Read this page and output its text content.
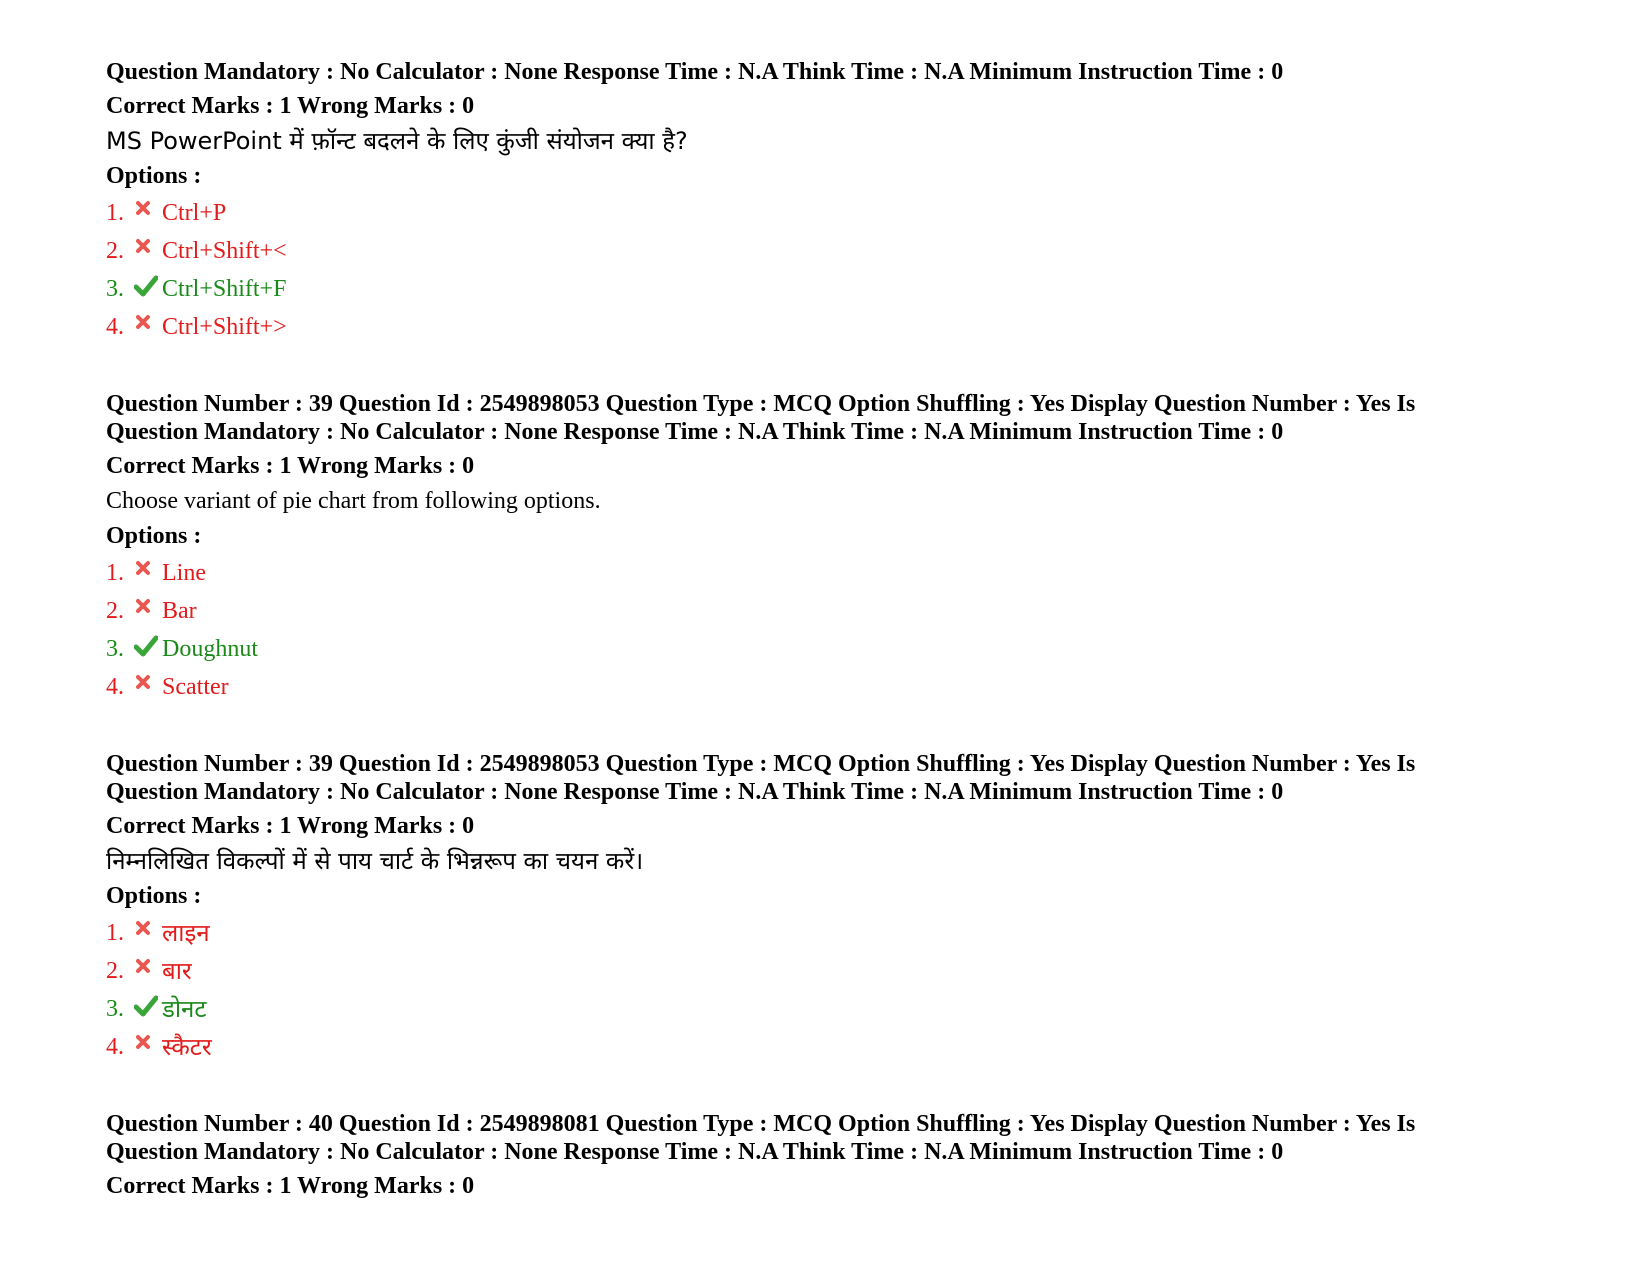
Question Mandatory : No Calculator : None Response Time : N.A Think Time : N.A Minimum Instruction Time : 0

Correct Marks : 1 Wrong Marks : 0

MS PowerPoint में फ़ॉन्ट बदलने के लिए कुंजी संयोजन क्या है?

Options :

1.	Ctrl+P
2.	Ctrl+Shift+<
3.	Ctrl+Shift+F
4.	Ctrl+Shift+>

Question Number : 39 Question Id : 2549898053 Question Type : MCQ Option Shuffling : Yes Display Question Number : Yes Is

Question Mandatory : No Calculator : None Response Time : N.A Think Time : N.A Minimum Instruction Time : 0

Correct Marks : 1 Wrong Marks : 0

Choose variant of pie chart from following options.

Options :

1.	Line
2.	Bar
3.	Doughnut
4.	Scatter

Question Number : 39 Question Id : 2549898053 Question Type : MCQ Option Shuffling : Yes Display Question Number : Yes Is

Question Mandatory : No Calculator : None Response Time : N.A Think Time : N.A Minimum Instruction Time : 0

Correct Marks : 1 Wrong Marks : 0

निम्नलिखित विकल्पों में से पाय चार्ट के भिन्नरूप का चयन करें।

Options :

1.	लाइन
2.	बार
3.	डोनट
4.	स्कैटर

Question Number : 40 Question Id : 2549898081 Question Type : MCQ Option Shuffling : Yes Display Question Number : Yes Is

Question Mandatory : No Calculator : None Response Time : N.A Think Time : N.A Minimum Instruction Time : 0

Correct Marks : 1 Wrong Marks : 0
